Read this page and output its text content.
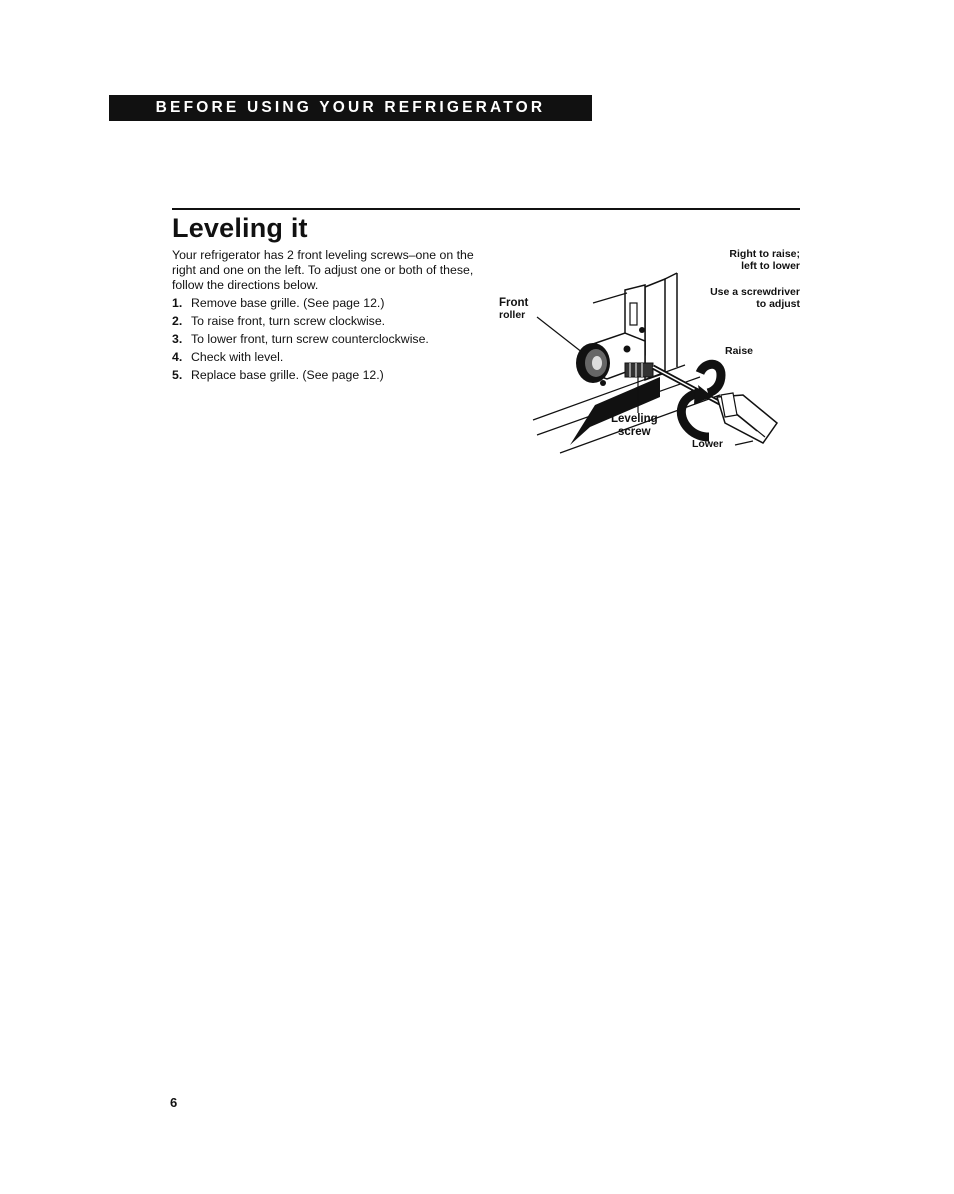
BEFORE USING YOUR REFRIGERATOR
Leveling it

Your refrigerator has 2 front leveling screws–one on the right and one on the left. To adjust one or both of these, follow the directions below.

1. Remove base grille. (See page 12.)
2. To raise front, turn screw clockwise.
3. To lower front, turn screw counterclockwise.
4. Check with level.
5. Replace base grille. (See page 12.)
Right to raise;
left to lower
Use a screwdriver
to adjust
Front
roller
Raise
Leveling
screw
Lower
6
